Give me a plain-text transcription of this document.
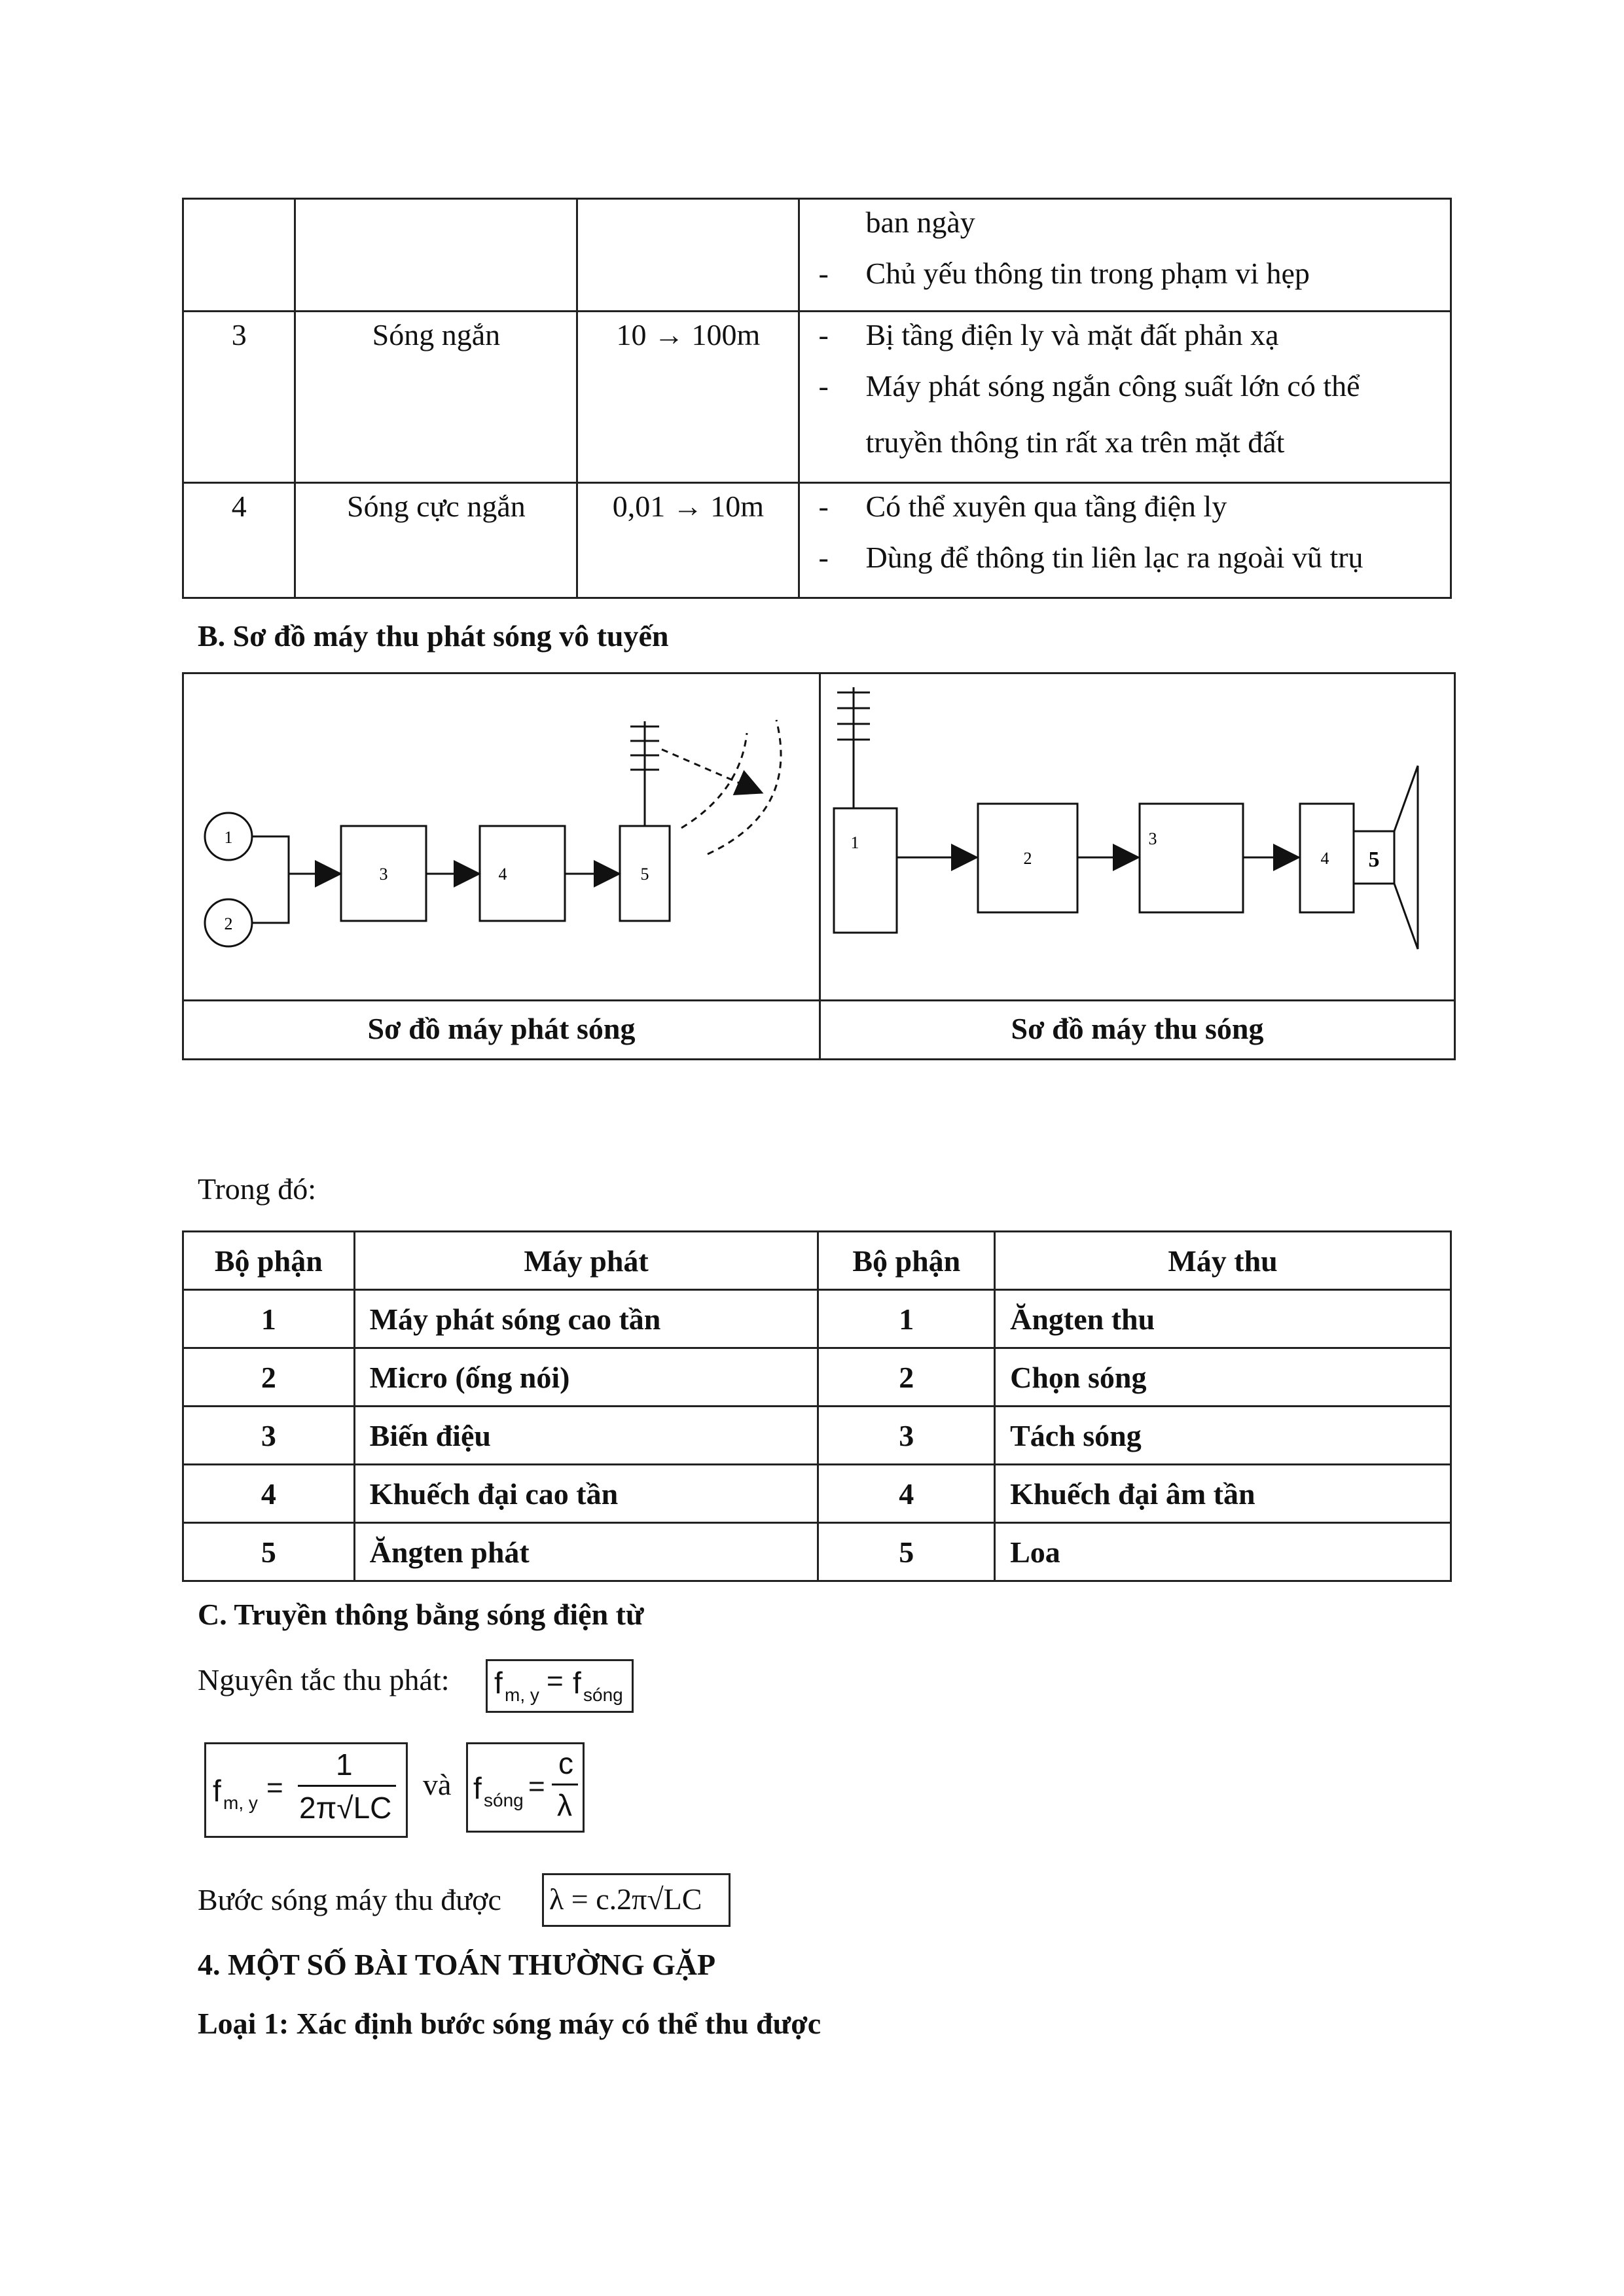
			ban ngày
- Chủ yếu thông tin trong phạm vi hẹp

3	Sóng ngắn	10 → 100m	- Bị tầng điện ly và mặt đất phản xạ
- Máy phát sóng ngắn công suất lớn có thể
truyền thông tin rất xa trên mặt đất

4	Sóng cực ngắn	0,01 → 10m	- Có thể xuyên qua tầng điện ly
- Dùng để thông tin liên lạc ra ngoài vũ trụ
B. Sơ đồ máy thu phát sóng vô tuyến
1
2
3	4	5
1
2
3
4 5
Sơ đồ máy phát sóng	Sơ đồ máy thu sóng
Trong đó:
Bộ phận	Máy phát	Bộ phận	Máy thu
1	Máy phát sóng cao tần	1	Ăngten thu
2	Micro (ống nói)	2	Chọn sóng
3	Biến điệu	3	Tách sóng
4	Khuếch đại cao tần	4	Khuếch đại âm tần
5	Ăngten phát	5	Loa
C. Truyền thông bằng sóng điện từ
Nguyên tắc thu phát: f m, y = f sóng
f m, y =
1
2π√LC
và f sóng =
c
λ
Bước sóng máy thu được λ = c.2π√LC
4. MỘT SỐ BÀI TOÁN THƯỜNG GẶP
Loại 1: Xác định bước sóng máy có thể thu được
